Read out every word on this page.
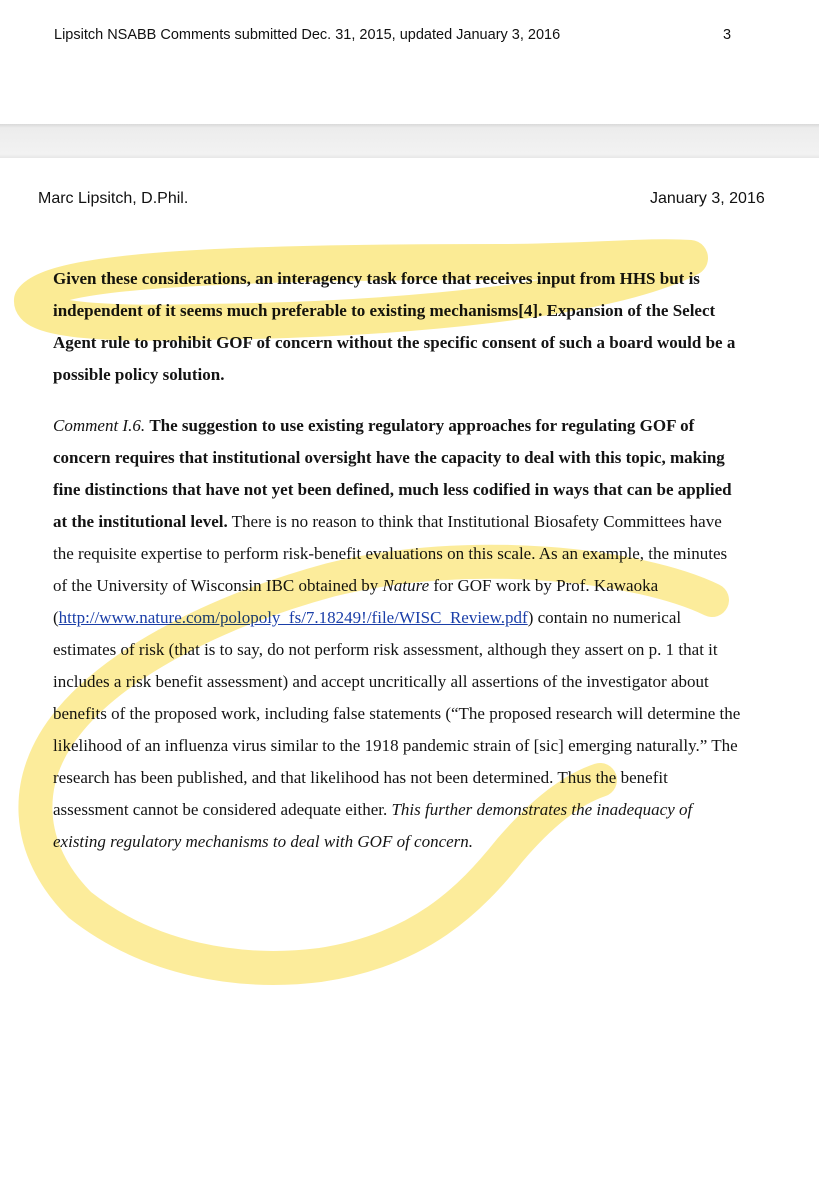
Lipsitch NSABB Comments submitted Dec. 31, 2015, updated January 3, 2016	3
Marc Lipsitch, D.Phil.	January 3, 2016
Given these considerations, an interagency task force that receives input from HHS but is independent of it seems much preferable to existing mechanisms[4]. Expansion of the Select Agent rule to prohibit GOF of concern without the specific consent of such a board would be a possible policy solution.
Comment I.6. The suggestion to use existing regulatory approaches for regulating GOF of concern requires that institutional oversight have the capacity to deal with this topic, making fine distinctions that have not yet been defined, much less codified in ways that can be applied at the institutional level. There is no reason to think that Institutional Biosafety Committees have the requisite expertise to perform risk-benefit evaluations on this scale. As an example, the minutes of the University of Wisconsin IBC obtained by Nature for GOF work by Prof. Kawaoka (http://www.nature.com/polopoly_fs/7.18249!/file/WISC_Review.pdf) contain no numerical estimates of risk (that is to say, do not perform risk assessment, although they assert on p. 1 that it includes a risk benefit assessment) and accept uncritically all assertions of the investigator about benefits of the proposed work, including false statements (“The proposed research will determine the likelihood of an influenza virus similar to the 1918 pandemic strain of [sic] emerging naturally.” The research has been published, and that likelihood has not been determined. Thus the benefit assessment cannot be considered adequate either. This further demonstrates the inadequacy of existing regulatory mechanisms to deal with GOF of concern.
